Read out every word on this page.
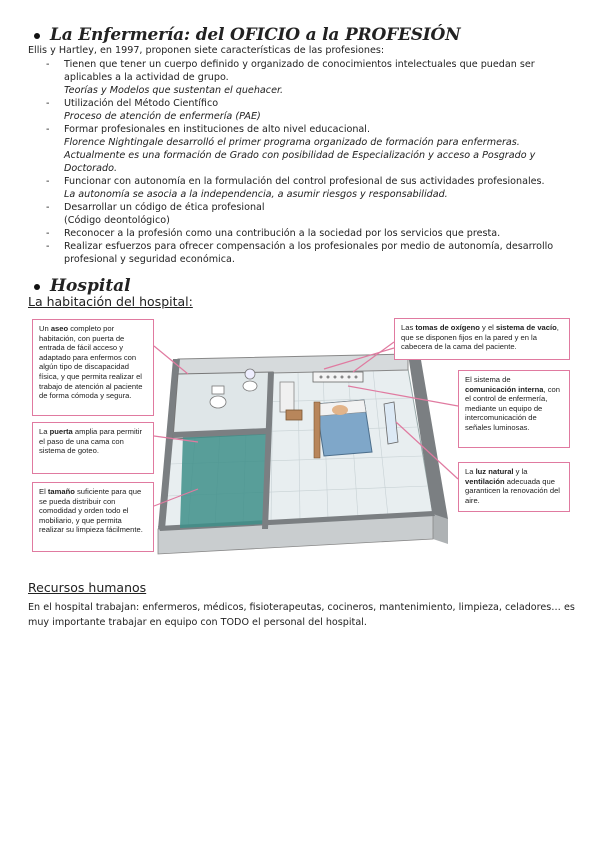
La Enfermería: del OFICIO a la PROFESIÓN
Ellis y Hartley, en 1997, proponen siete características de las profesiones:
- Tienen que tener un cuerpo definido y organizado de conocimientos intelectuales que puedan ser aplicables a la actividad de grupo.
Teorías y Modelos que sustentan el quehacer.
- Utilización del Método Científico
Proceso de atención de enfermería (PAE)
- Formar profesionales en instituciones de alto nivel educacional.
Florence Nightingale desarrolló el primer programa organizado de formación para enfermeras.
Actualmente es una formación de Grado con posibilidad de Especialización y acceso a Posgrado y Doctorado.
- Funcionar con autonomía en la formulación del control profesional de sus actividades profesionales.
La autonomía se asocia a la independencia, a asumir riesgos y responsabilidad.
- Desarrollar un código de ética profesional
(Código deontológico)
- Reconocer a la profesión como una contribución a la sociedad por los servicios que presta.
- Realizar esfuerzos para ofrecer compensación a los profesionales por medio de autonomía, desarrollo profesional y seguridad económica.
Hospital
La habitación del hospital:
Un aseo completo por habitación, con puerta de entrada de fácil acceso y adaptado para enfermos con algún tipo de discapacidad física, y que permita realizar el trabajo de atención al paciente de forma cómoda y segura.
La puerta amplia para permitir el paso de una cama con sistema de goteo.
El tamaño suficiente para que se pueda distribuir con comodidad y orden todo el mobiliario, y que permita realizar su limpieza fácilmente.
Las tomas de oxígeno y el sistema de vacío, que se disponen fijos en la pared y en la cabecera de la cama del paciente.
El sistema de comunicación interna, con el control de enfermería, mediante un equipo de intercomunicación de señales luminosas.
La luz natural y la ventilación adecuada que garanticen la renovación del aire.
Recursos humanos
En el hospital trabajan: enfermeros, médicos, fisioterapeutas, cocineros, mantenimiento, limpieza, celadores… es muy importante trabajar en equipo con TODO el personal del hospital.
